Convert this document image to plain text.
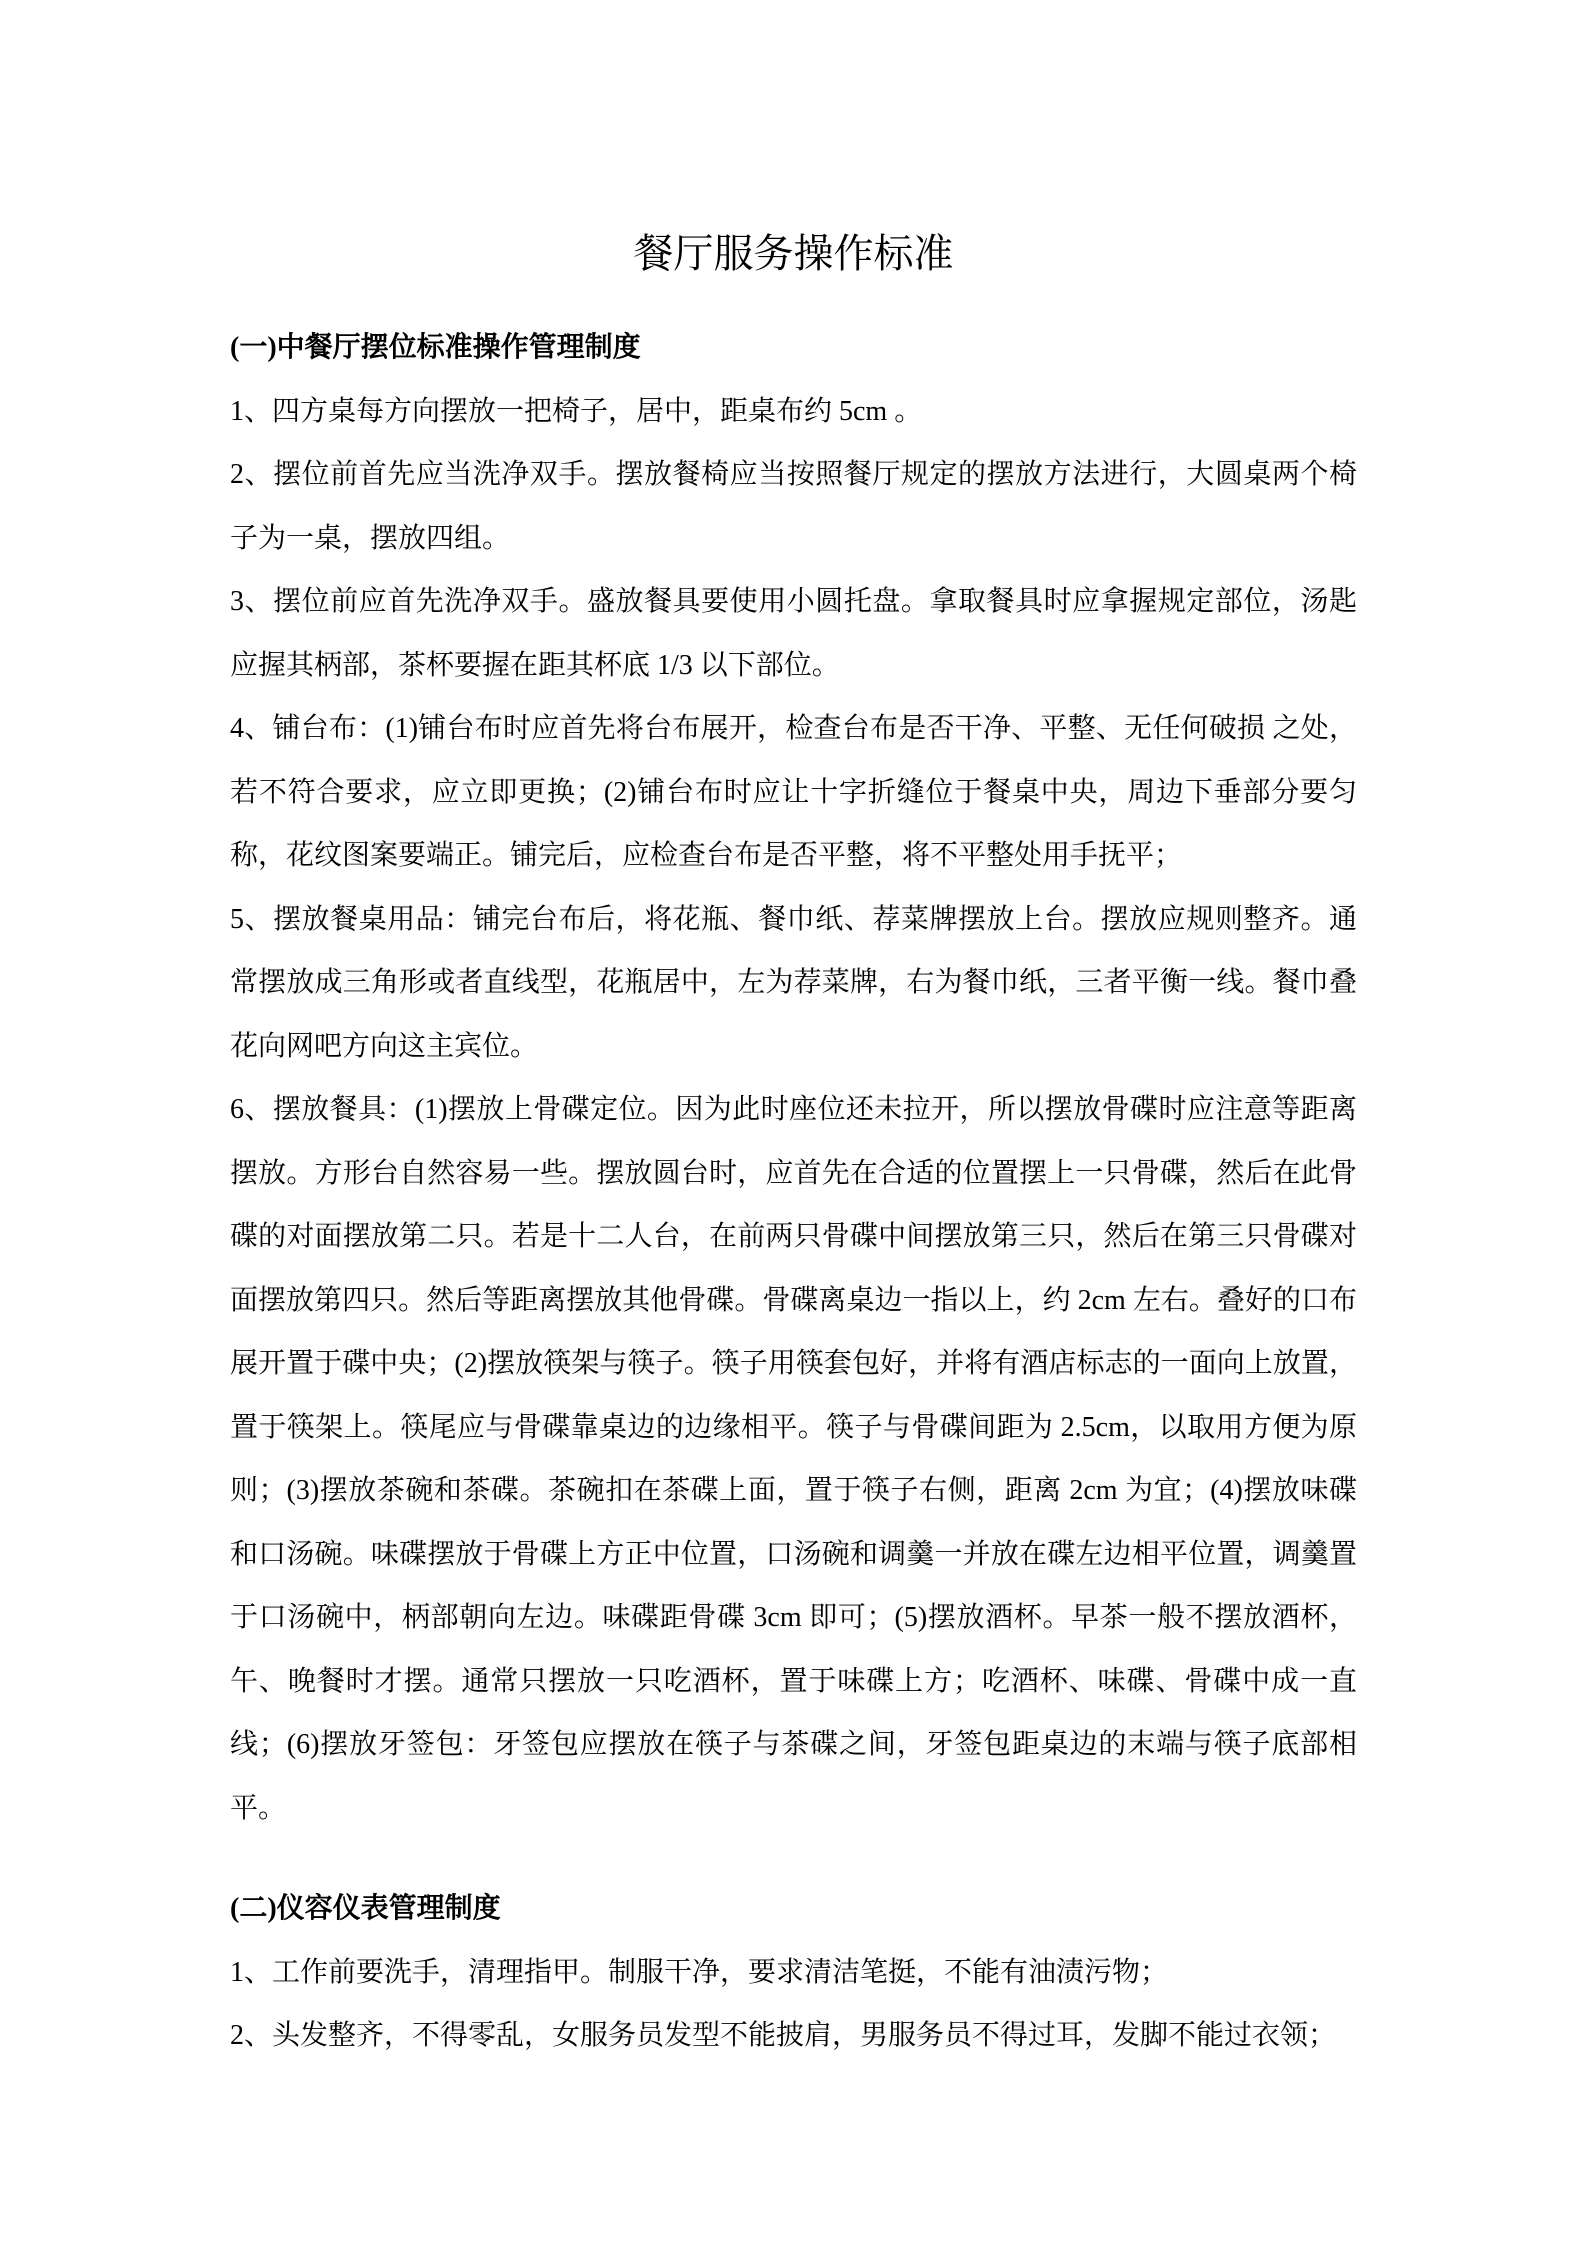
餐厅服务操作标准
(一)中餐厅摆位标准操作管理制度

1、四方桌每方向摆放一把椅子，居中，距桌布约 5cm 。

2、摆位前首先应当洗净双手。摆放餐椅应当按照餐厅规定的摆放方法进行，大圆桌两个椅子为一桌，摆放四组。

3、摆位前应首先洗净双手。盛放餐具要使用小圆托盘。拿取餐具时应拿握规定部位，汤匙应握其柄部，茶杯要握在距其杯底 1/3 以下部位。

4、铺台布：(1)铺台布时应首先将台布展开，检查台布是否干净、平整、无任何破损 之处，若不符合要求，应立即更换；(2)铺台布时应让十字折缝位于餐桌中央，周边下垂部分要匀称，花纹图案要端正。铺完后，应检查台布是否平整，将不平整处用手抚平；

5、摆放餐桌用品：铺完台布后，将花瓶、餐巾纸、荐菜牌摆放上台。摆放应规则整齐。通常摆放成三角形或者直线型，花瓶居中，左为荐菜牌，右为餐巾纸，三者平衡一线。餐巾叠花向网吧方向这主宾位。

6、摆放餐具：(1)摆放上骨碟定位。因为此时座位还未拉开，所以摆放骨碟时应注意等距离摆放。方形台自然容易一些。摆放圆台时，应首先在合适的位置摆上一只骨碟，然后在此骨碟的对面摆放第二只。若是十二人台，在前两只骨碟中间摆放第三只，然后在第三只骨碟对面摆放第四只。然后等距离摆放其他骨碟。骨碟离桌边一指以上，约 2cm 左右。叠好的口布展开置于碟中央；(2)摆放筷架与筷子。筷子用筷套包好，并将有酒店标志的一面向上放置，置于筷架上。筷尾应与骨碟靠桌边的边缘相平。筷子与骨碟间距为 2.5cm，以取用方便为原则；(3)摆放茶碗和茶碟。茶碗扣在茶碟上面，置于筷子右侧，距离 2cm 为宜；(4)摆放味碟和口汤碗。味碟摆放于骨碟上方正中位置，口汤碗和调羹一并放在碟左边相平位置，调羹置于口汤碗中，柄部朝向左边。味碟距骨碟 3cm 即可；(5)摆放酒杯。早茶一般不摆放酒杯，午、晚餐时才摆。通常只摆放一只吃酒杯，置于味碟上方；吃酒杯、味碟、骨碟中成一直线；(6)摆放牙签包：牙签包应摆放在筷子与茶碟之间，牙签包距桌边的末端与筷子底部相平。

(二)仪容仪表管理制度

1、工作前要洗手，清理指甲。制服干净，要求清洁笔挺，不能有油渍污物；

2、头发整齐，不得零乱，女服务员发型不能披肩，男服务员不得过耳，发脚不能过衣领；
